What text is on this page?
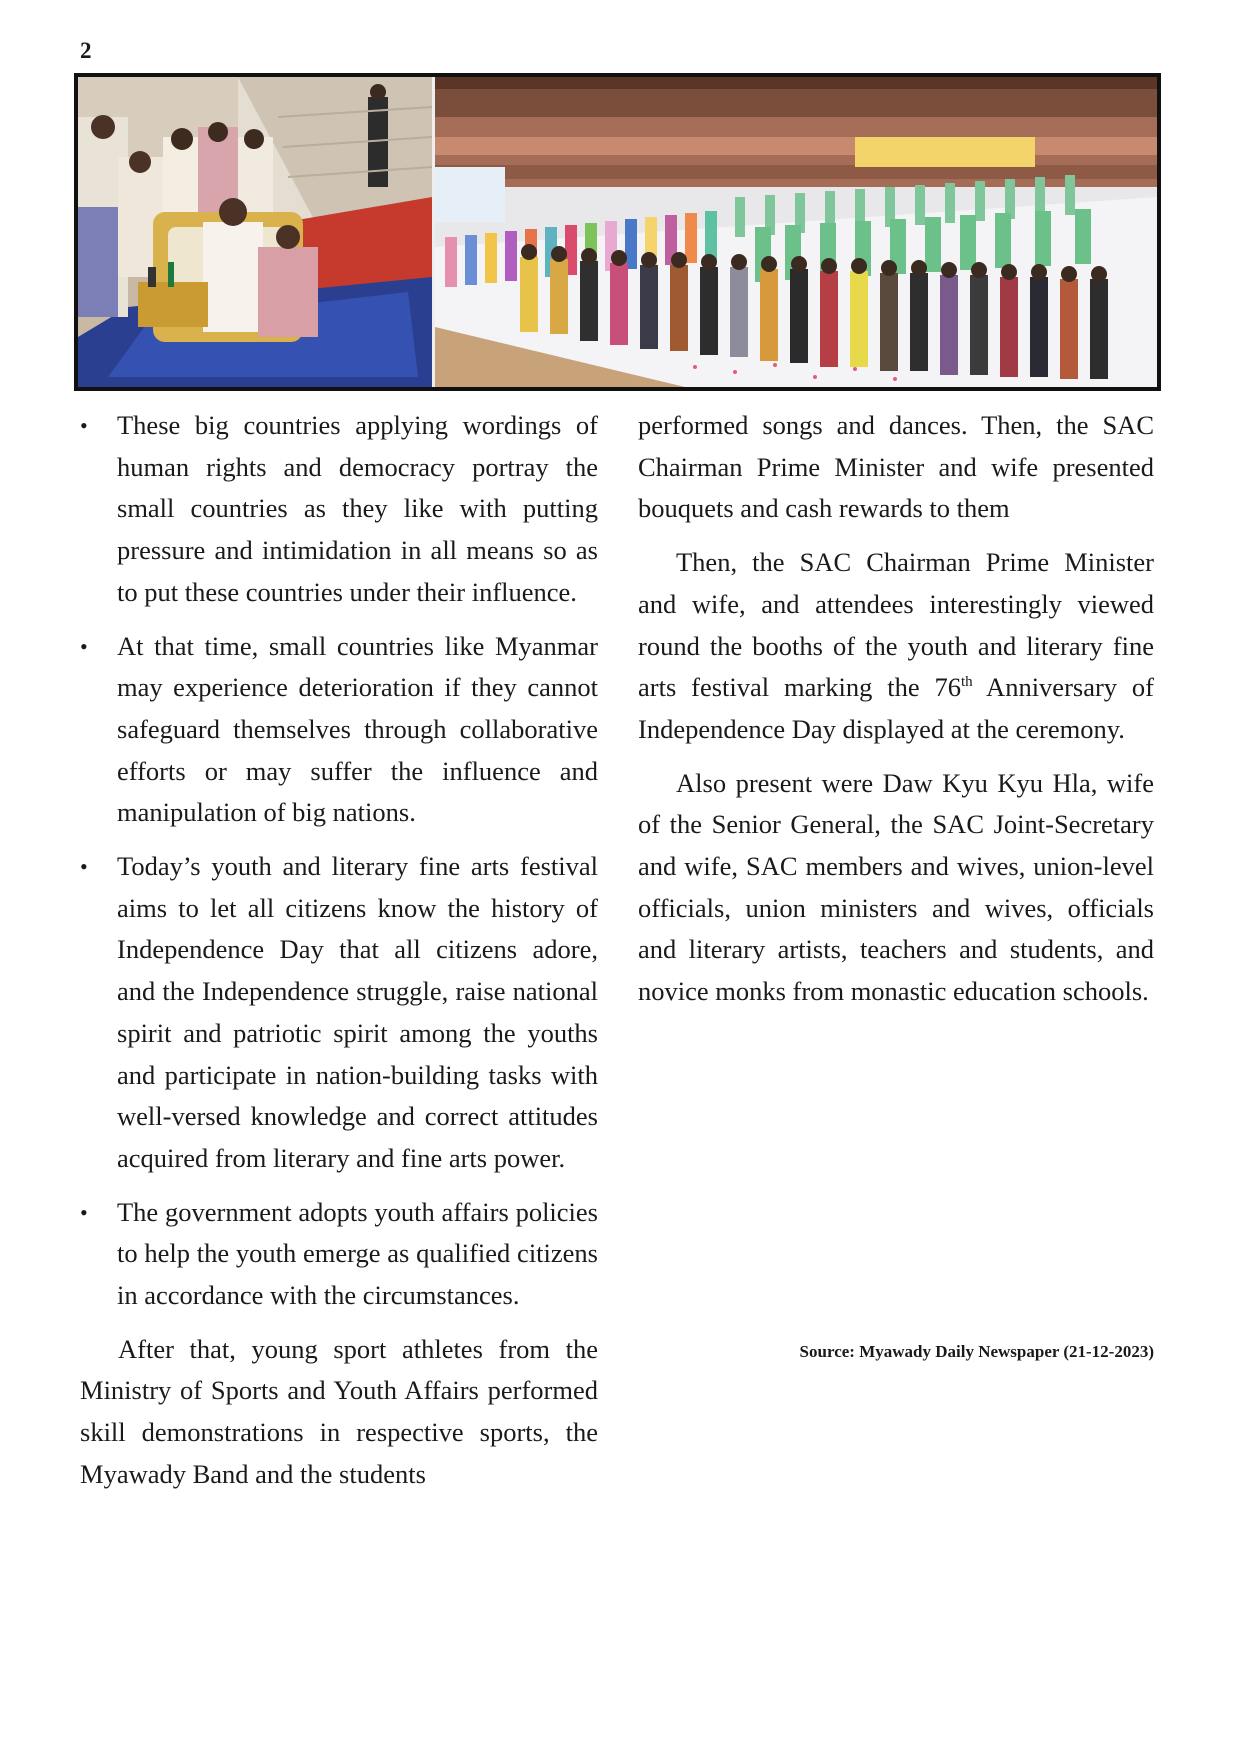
2
• These big countries applying wordings of human rights and democracy portray the small countries as they like with putting pressure and intimidation in all means so as to put these countries under their influence.
• At that time, small countries like Myanmar may experience deterioration if they cannot safeguard themselves through collaborative efforts or may suffer the influence and manipulation of big nations.
• Today’s youth and literary fine arts festival aims to let all citizens know the history of Independence Day that all citizens adore, and the Independence struggle, raise national spirit and patriotic spirit among the youths and participate in nation-building tasks with well-versed knowledge and correct attitudes acquired from literary and fine arts power.
• The government adopts youth affairs policies to help the youth emerge as qualified citizens in accordance with the circumstances.

After that, young sport athletes from the Ministry of Sports and Youth Affairs performed skill demonstrations in respective sports, the Myawady Band and the students

performed songs and dances. Then, the SAC Chairman Prime Minister and wife presented bouquets and cash rewards to them

Then, the SAC Chairman Prime Minister and wife, and attendees interestingly viewed round the booths of the youth and literary fine arts festival marking the 76th Anniversary of Independence Day displayed at the ceremony.

Also present were Daw Kyu Kyu Hla, wife of the Senior General, the SAC Joint-Secretary and wife, SAC members and wives, union-level officials, union ministers and wives, officials and literary artists, teachers and students, and novice monks from monastic education schools.

Source: Myawady Daily Newspaper (21-12-2023)
